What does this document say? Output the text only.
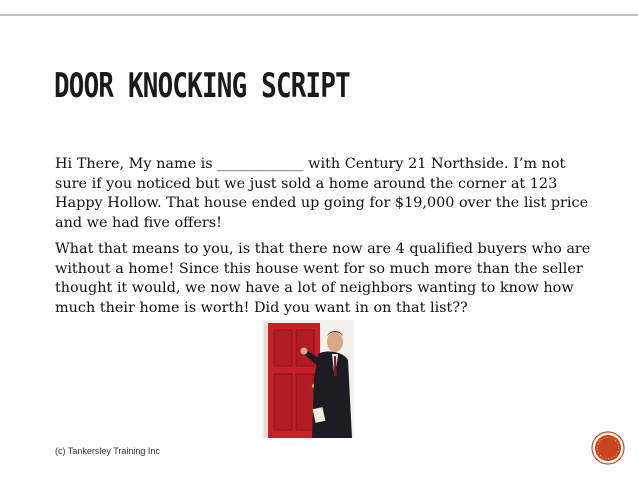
DOOR KNOCKING SCRIPT

Hi There, My name is ____________ with Century 21 Northside. I’m not sure if you noticed but we just sold a home around the corner at 123 Happy Hollow. That house ended up going for $19,000 over the list price and we had five offers!

What that means to you, is that there now are 4 qualified buyers who are without a home! Since this house went for so much more than the seller thought it would, we now have a lot of neighbors wanting to know how much their home is worth! Did you want in on that list??

(c) Tankersley Training Inc
